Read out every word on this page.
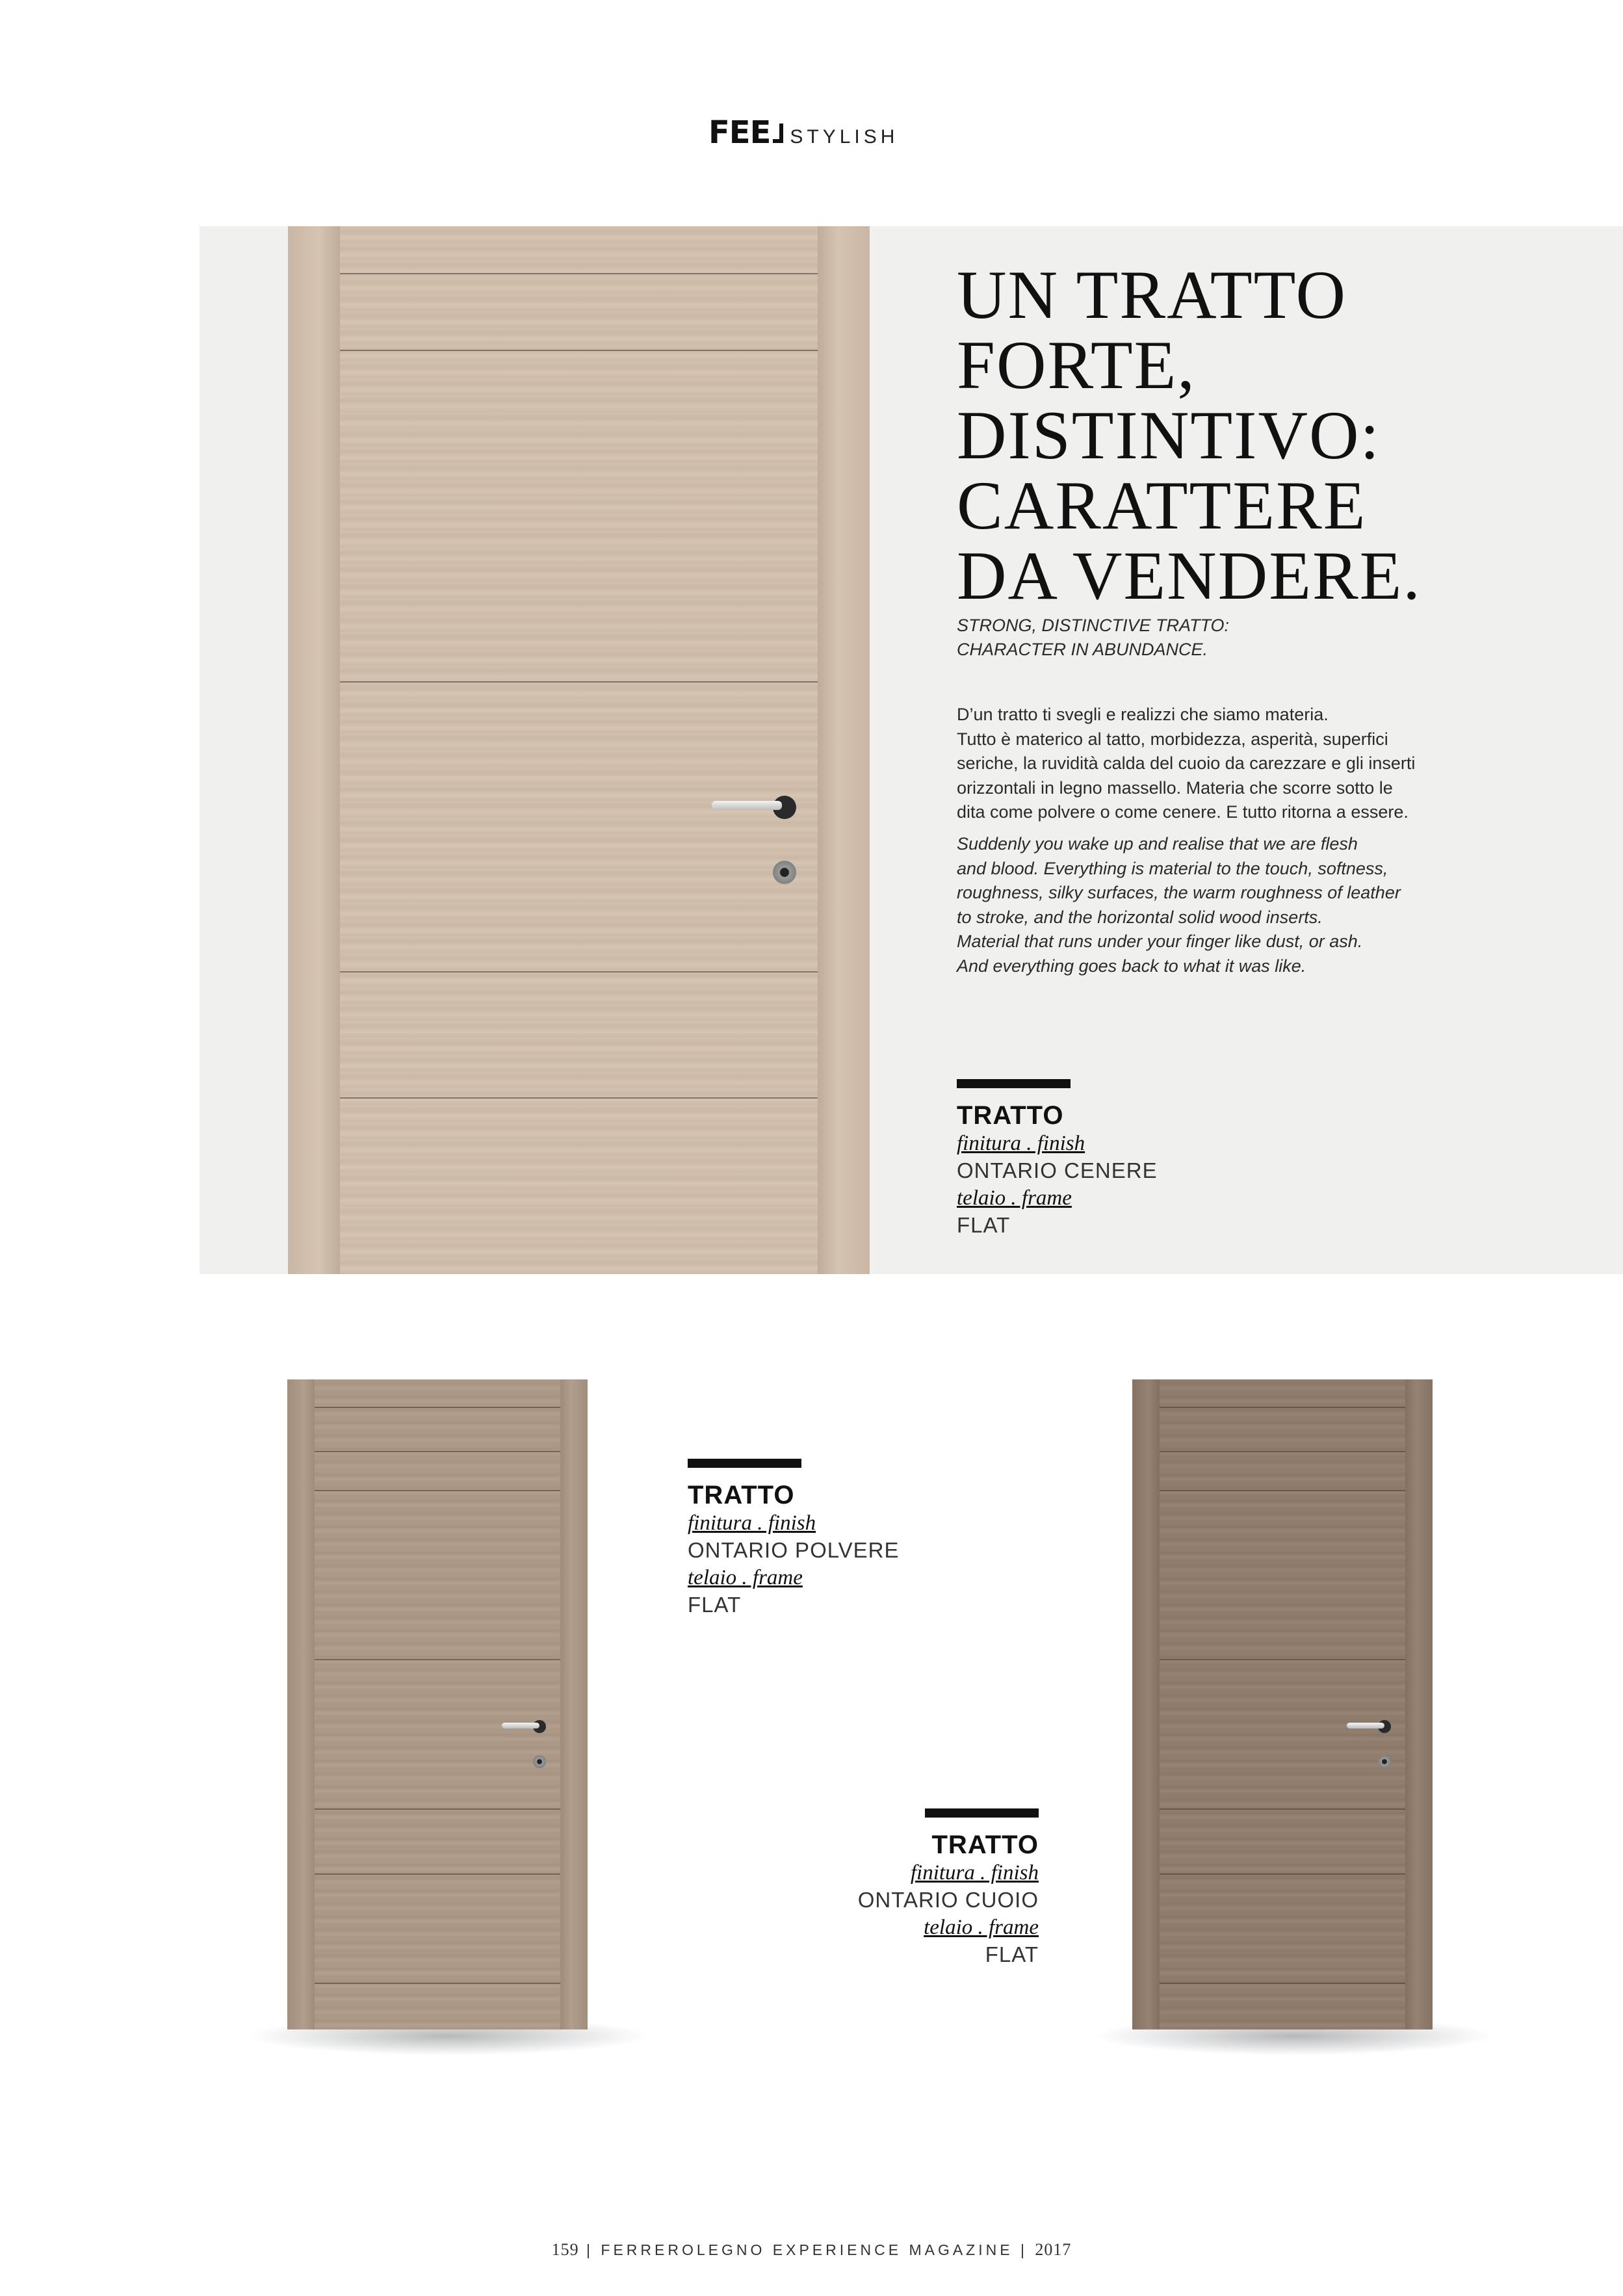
FEE STYLISH
UN TRATTO
FORTE,
DISTINTIVO:
CARATTERE
DA VENDERE.

STRONG, DISTINCTIVE TRATTO:
CHARACTER IN ABUNDANCE.

D’un tratto ti svegli e realizzi che siamo materia.
Tutto è materico al tatto, morbidezza, asperità, superfici
seriche, la ruvidità calda del cuoio da carezzare e gli inserti
orizzontali in legno massello. Materia che scorre sotto le
dita come polvere o come cenere. E tutto ritorna a essere.

Suddenly you wake up and realise that we are flesh
and blood. Everything is material to the touch, softness,
roughness, silky surfaces, the warm roughness of leather
to stroke, and the horizontal solid wood inserts.
Material that runs under your finger like dust, or ash.
And everything goes back to what it was like.

TRATTO
finitura . finish
ONTARIO CENERE
telaio . frame
FLAT
TRATTO
finitura . finish
ONTARIO POLVERE
telaio . frame
FLAT
TRATTO
finitura . finish
ONTARIO CUOIO
telaio . frame
FLAT
159 | FERREROLEGNO EXPERIENCE MAGAZINE | 2017
